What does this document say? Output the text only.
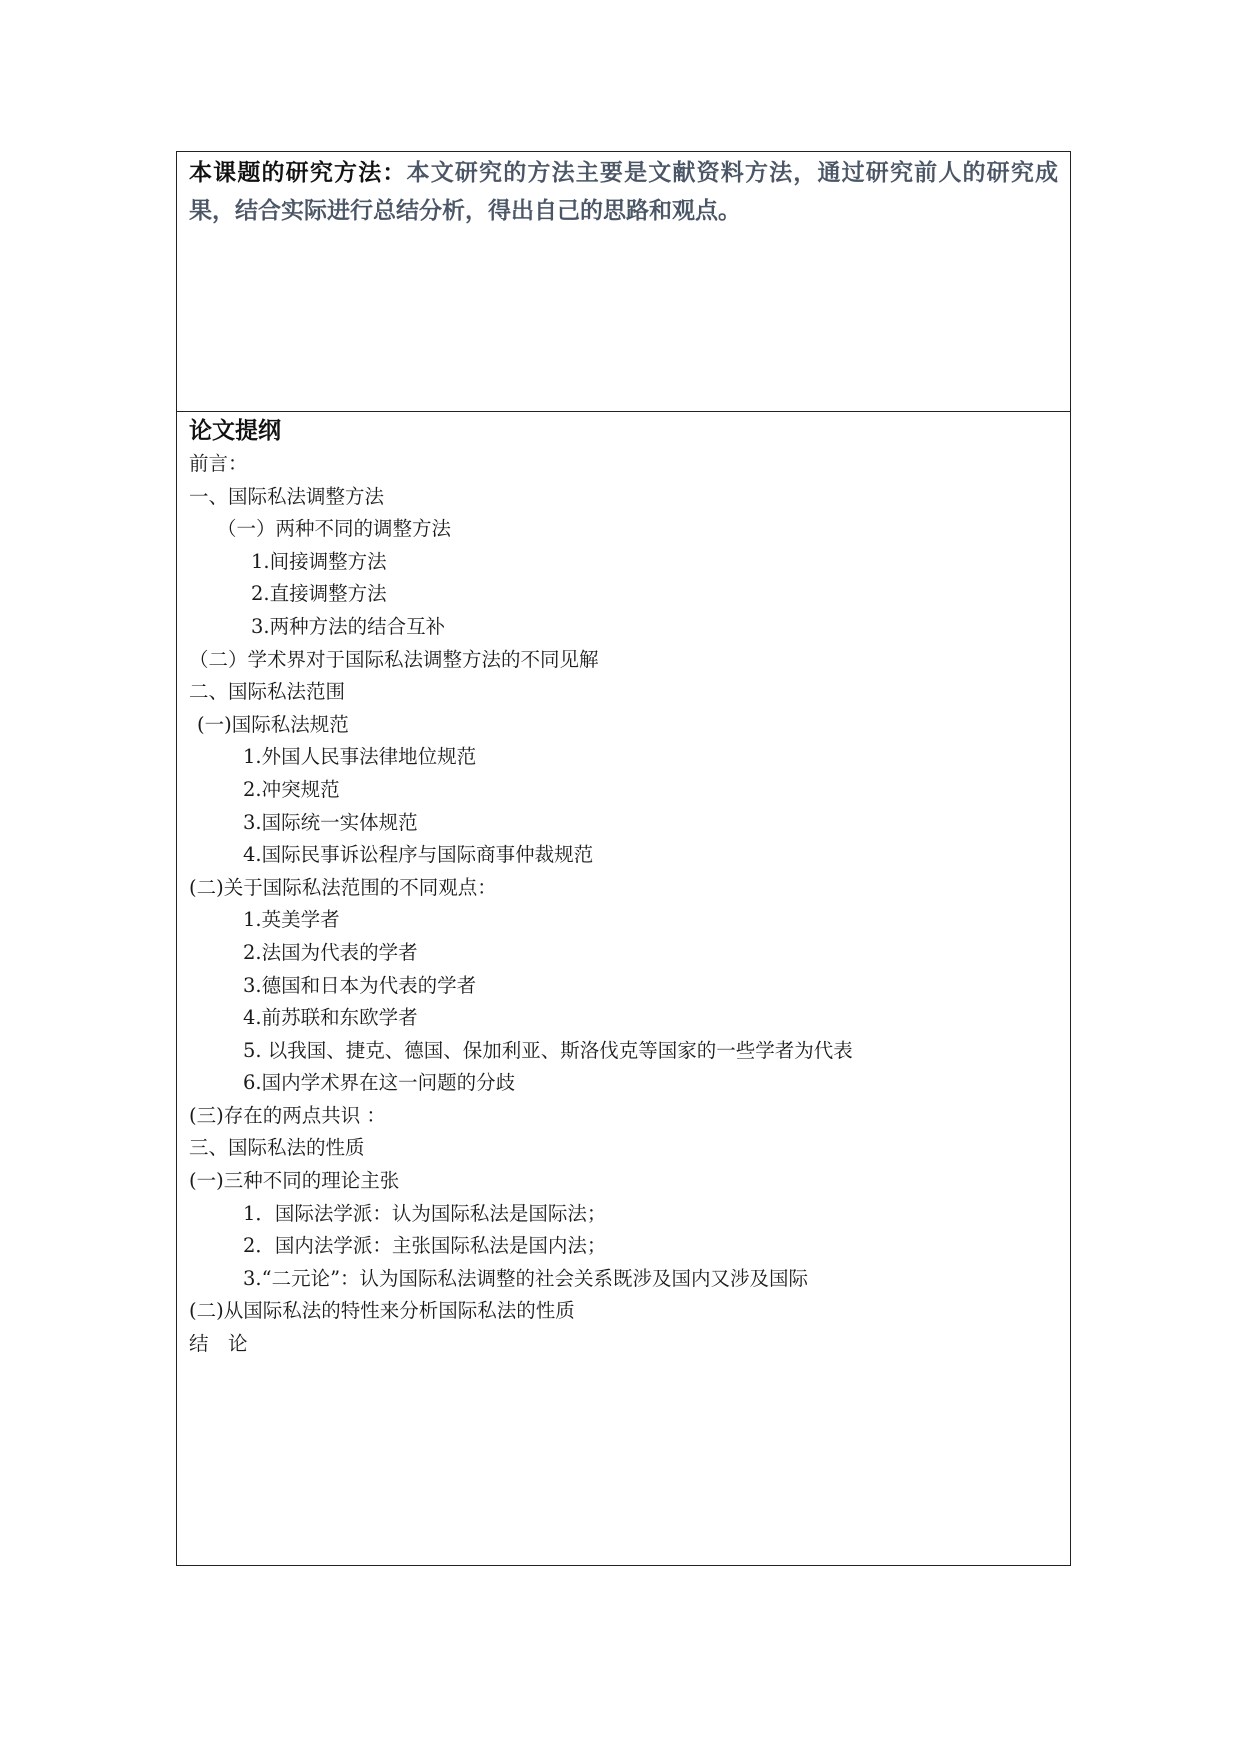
本课题的研究方法：本文研究的方法主要是文献资料方法，通过研究前人的研究成果，结合实际进行总结分析，得出自己的思路和观点。

论文提纲
前言：
一、国际私法调整方法
（一）两种不同的调整方法
1.间接调整方法
2.直接调整方法
3.两种方法的结合互补
（二）学术界对于国际私法调整方法的不同见解
二、国际私法范围
(一)国际私法规范
1.外国人民事法律地位规范
2.冲突规范
3.国际统一实体规范
4.国际民事诉讼程序与国际商事仲裁规范
(二)关于国际私法范围的不同观点：
1.英美学者
2.法国为代表的学者
3.德国和日本为代表的学者
4.前苏联和东欧学者
5. 以我国、捷克、德国、保加利亚、斯洛伐克等国家的一些学者为代表
6.国内学术界在这一问题的分歧
(三)存在的两点共识 ：
三、国际私法的性质
(一)三种不同的理论主张
1．国际法学派：认为国际私法是国际法；
2．国内法学派：主张国际私法是国内法；
3.“二元论”：认为国际私法调整的社会关系既涉及国内又涉及国际
(二)从国际私法的特性来分析国际私法的性质
结　论
